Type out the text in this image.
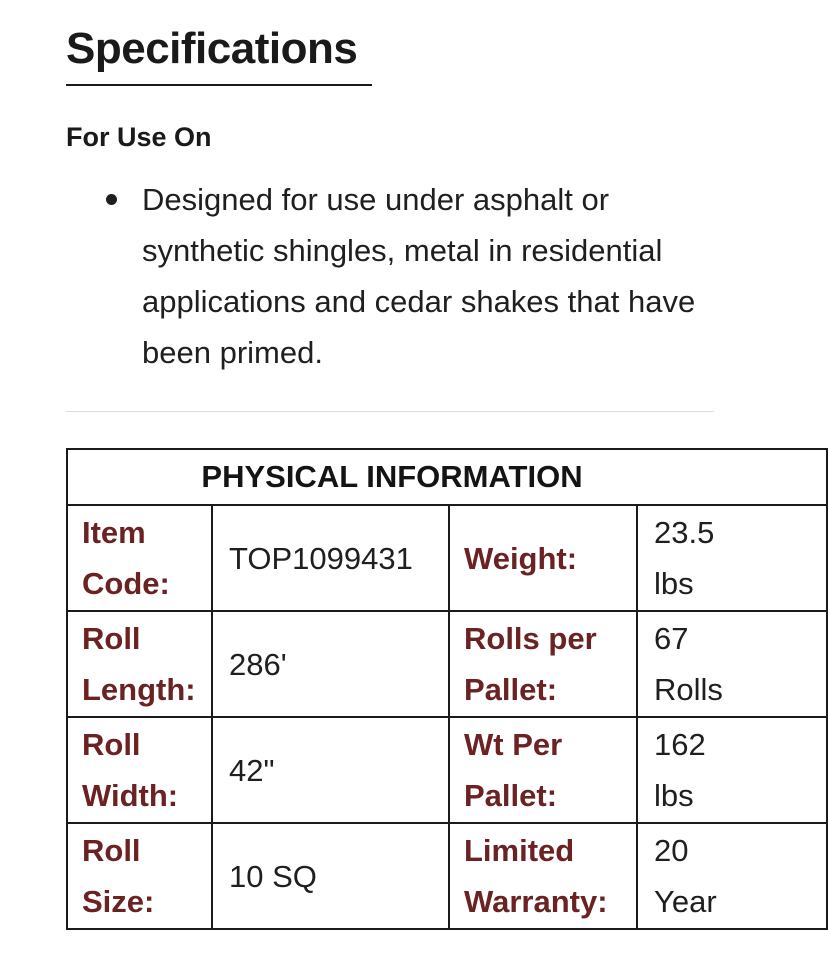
Specifications
For Use On
Designed for use under asphalt or synthetic shingles, metal in residential applications and cedar shakes that have been primed.
PHYSICAL INFORMATION			
Item Code:	TOP1099431	Weight:	23.5 lbs
Roll Length:	286'	Rolls per Pallet:	67 Rolls
Roll Width:	42"	Wt Per Pallet:	162 lbs
Roll Size:	10 SQ	Limited Warranty:	20 Year
